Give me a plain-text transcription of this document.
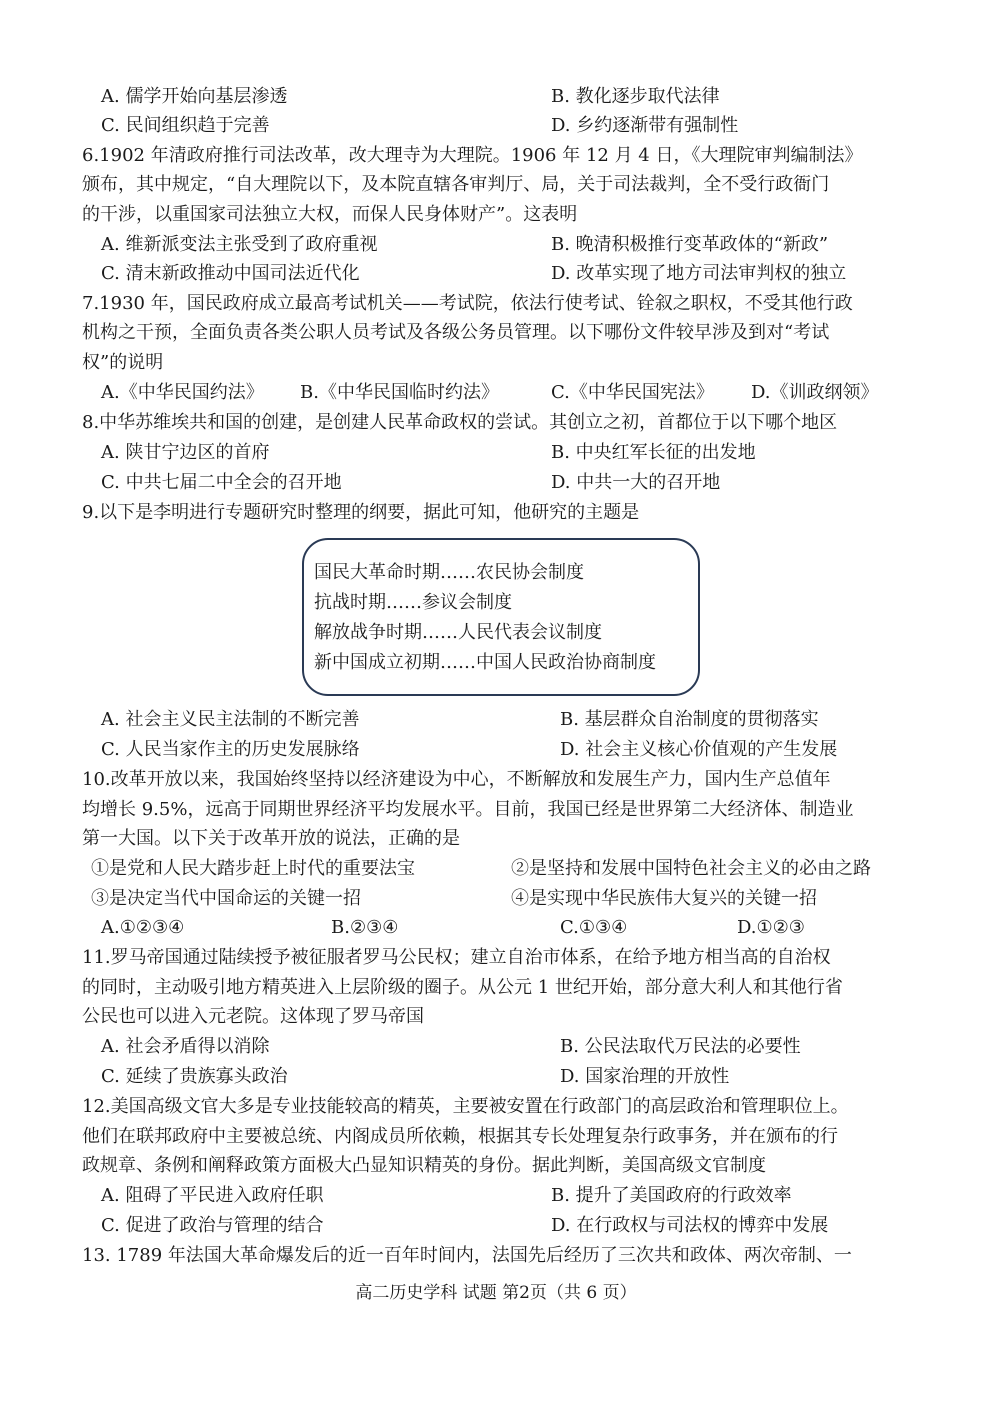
A. 儒学开始向基层渗透	B. 教化逐步取代法律
C. 民间组织趋于完善	D. 乡约逐渐带有强制性
6.1902 年清政府推行司法改革，改大理寺为大理院。1906 年 12 月 4 日，《大理院审判编制法》
颁布，其中规定，“自大理院以下，及本院直辖各审判厅、局，关于司法裁判，全不受行政衙门
的干涉，以重国家司法独立大权，而保人民身体财产”。这表明
A. 维新派变法主张受到了政府重视	B. 晚清积极推行变革政体的“新政”
C. 清末新政推动中国司法近代化	D. 改革实现了地方司法审判权的独立
7.1930 年，国民政府成立最高考试机关——考试院，依法行使考试、铨叙之职权，不受其他行政
机构之干预，全面负责各类公职人员考试及各级公务员管理。以下哪份文件较早涉及到对“考试
权”的说明
A.《中华民国约法》 B.《中华民国临时约法》	C.《中华民国宪法》 D.《训政纲领》
8.中华苏维埃共和国的创建，是创建人民革命政权的尝试。其创立之初，首都位于以下哪个地区
A. 陕甘宁边区的首府	B. 中央红军长征的出发地
C. 中共七届二中全会的召开地	D. 中共一大的召开地
9.以下是李明进行专题研究时整理的纲要，据此可知，他研究的主题是
国民大革命时期……农民协会制度
抗战时期……参议会制度
解放战争时期……人民代表会议制度
新中国成立初期……中国人民政治协商制度
A. 社会主义民主法制的不断完善	B. 基层群众自治制度的贯彻落实
C. 人民当家作主的历史发展脉络	D. 社会主义核心价值观的产生发展
10.改革开放以来，我国始终坚持以经济建设为中心，不断解放和发展生产力，国内生产总值年
均增长 9.5%，远高于同期世界经济平均发展水平。目前，我国已经是世界第二大经济体、制造业
第一大国。以下关于改革开放的说法，正确的是
①是党和人民大踏步赶上时代的重要法宝	②是坚持和发展中国特色社会主义的必由之路
③是决定当代中国命运的关键一招	④是实现中华民族伟大复兴的关键一招
A.①②③④	B.②③④	C.①③④	D.①②③
11.罗马帝国通过陆续授予被征服者罗马公民权；建立自治市体系，在给予地方相当高的自治权
的同时，主动吸引地方精英进入上层阶级的圈子。从公元 1 世纪开始，部分意大利人和其他行省
公民也可以进入元老院。这体现了罗马帝国
A. 社会矛盾得以消除	B. 公民法取代万民法的必要性
C. 延续了贵族寡头政治	D. 国家治理的开放性
12.美国高级文官大多是专业技能较高的精英，主要被安置在行政部门的高层政治和管理职位上。
他们在联邦政府中主要被总统、内阁成员所依赖，根据其专长处理复杂行政事务，并在颁布的行
政规章、条例和阐释政策方面极大凸显知识精英的身份。据此判断，美国高级文官制度
A. 阻碍了平民进入政府任职	B. 提升了美国政府的行政效率
C. 促进了政治与管理的结合	D. 在行政权与司法权的博弈中发展
13. 1789 年法国大革命爆发后的近一百年时间内，法国先后经历了三次共和政体、两次帝制、一
高二历史学科 试题 第2页（共 6 页）
